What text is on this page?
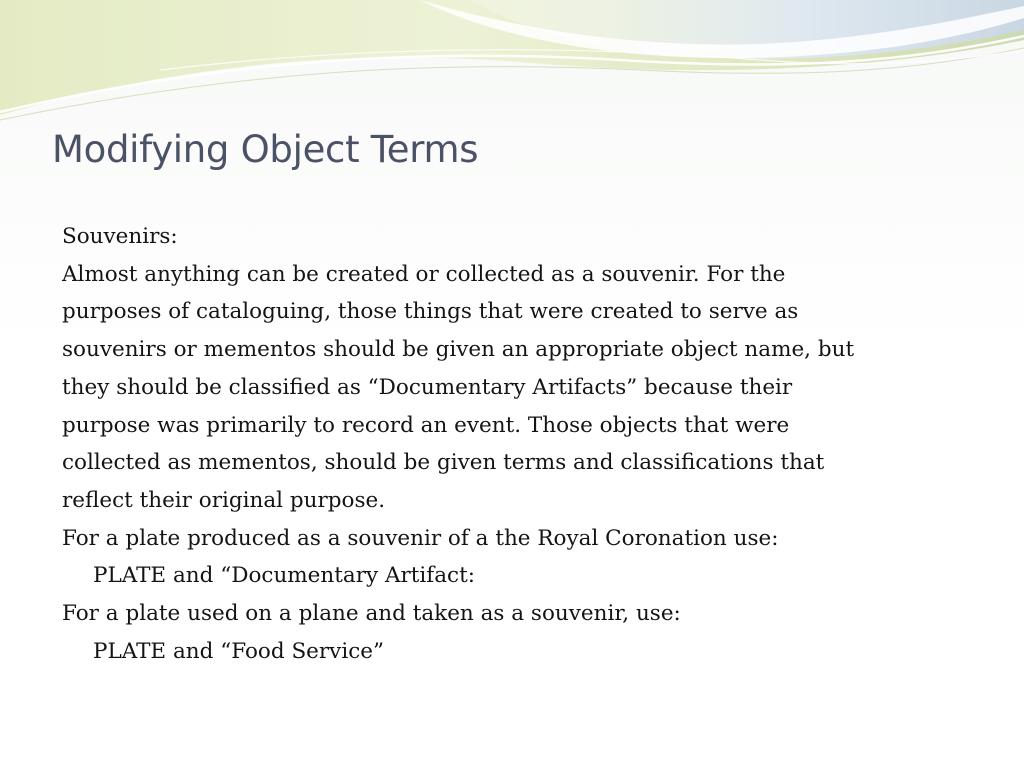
Modifying Object Terms
Souvenirs:
Almost anything can be created or collected as a souvenir. For the
purposes of cataloguing, those things that were created to serve as
souvenirs or mementos should be given an appropriate object name, but
they should be classified as “Documentary Artifacts” because their
purpose was primarily to record an event. Those objects that were
collected as mementos, should be given terms and classifications that
reflect their original purpose.
For a plate produced as a souvenir of a the Royal Coronation use:
PLATE and “Documentary Artifact:
For a plate used on a plane and taken as a souvenir, use:
PLATE and “Food Service”
